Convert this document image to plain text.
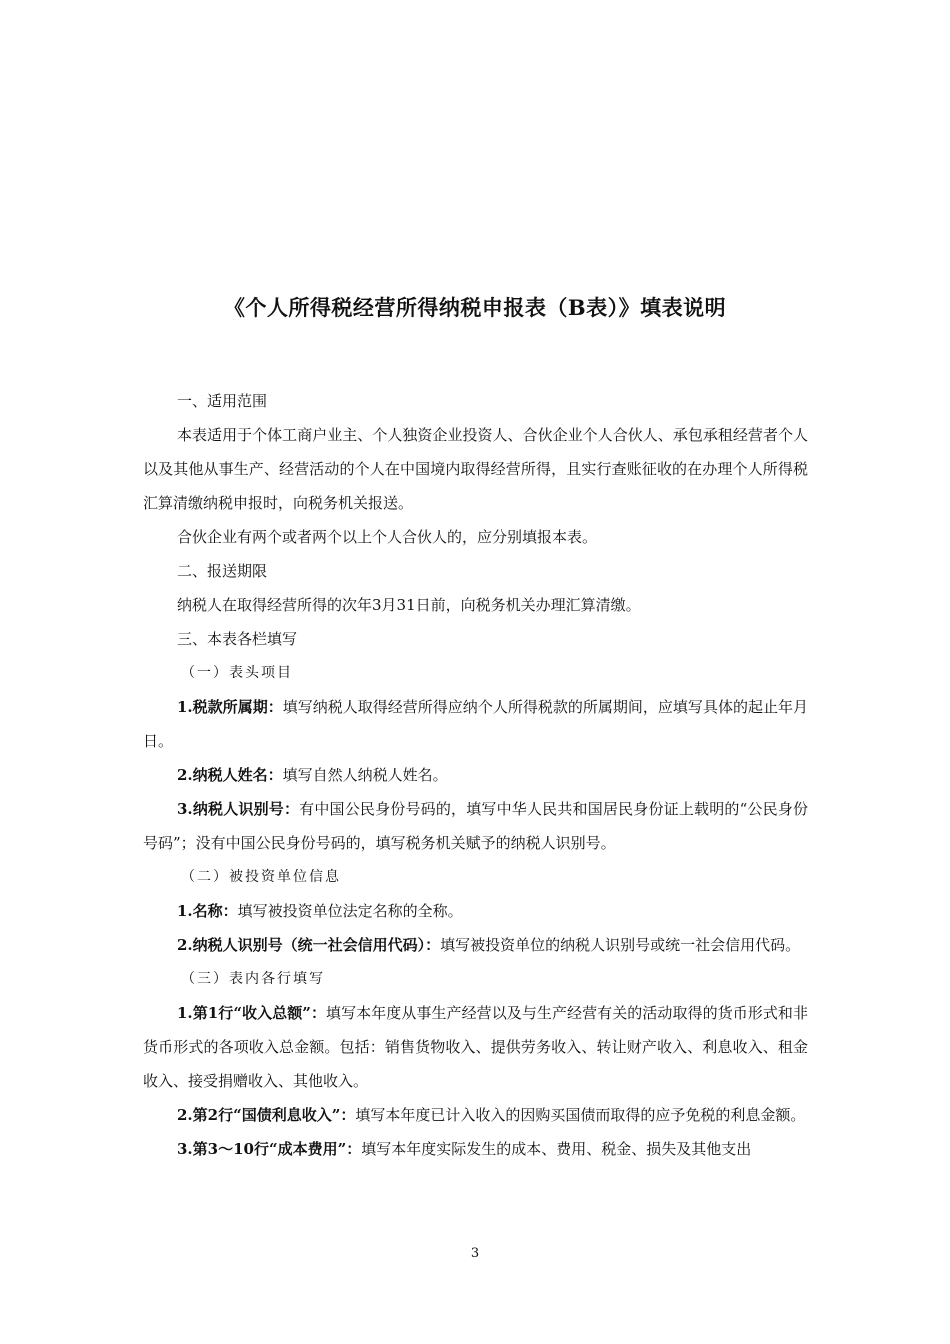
《个人所得税经营所得纳税申报表（B表）》填表说明

一、适用范围

本表适用于个体工商户业主、个人独资企业投资人、合伙企业个人合伙人、承包承租经营者个人以及其他从事生产、经营活动的个人在中国境内取得经营所得，且实行查账征收的在办理个人所得税汇算清缴纳税申报时，向税务机关报送。

合伙企业有两个或者两个以上个人合伙人的，应分别填报本表。

二、报送期限

纳税人在取得经营所得的次年3月31日前，向税务机关办理汇算清缴。

三、本表各栏填写

（一）表头项目

1.税款所属期：填写纳税人取得经营所得应纳个人所得税款的所属期间，应填写具体的起止年月日。

2.纳税人姓名：填写自然人纳税人姓名。

3.纳税人识别号：有中国公民身份号码的，填写中华人民共和国居民身份证上载明的“公民身份号码”；没有中国公民身份号码的，填写税务机关赋予的纳税人识别号。

（二）被投资单位信息

1.名称：填写被投资单位法定名称的全称。

2.纳税人识别号（统一社会信用代码）：填写被投资单位的纳税人识别号或统一社会信用代码。

（三）表内各行填写

1.第1行“收入总额”：填写本年度从事生产经营以及与生产经营有关的活动取得的货币形式和非货币形式的各项收入总金额。包括：销售货物收入、提供劳务收入、转让财产收入、利息收入、租金收入、接受捐赠收入、其他收入。

2.第2行“国债利息收入”：填写本年度已计入收入的因购买国债而取得的应予免税的利息金额。

3.第3～10行“成本费用”：填写本年度实际发生的成本、费用、税金、损失及其他支出

3
